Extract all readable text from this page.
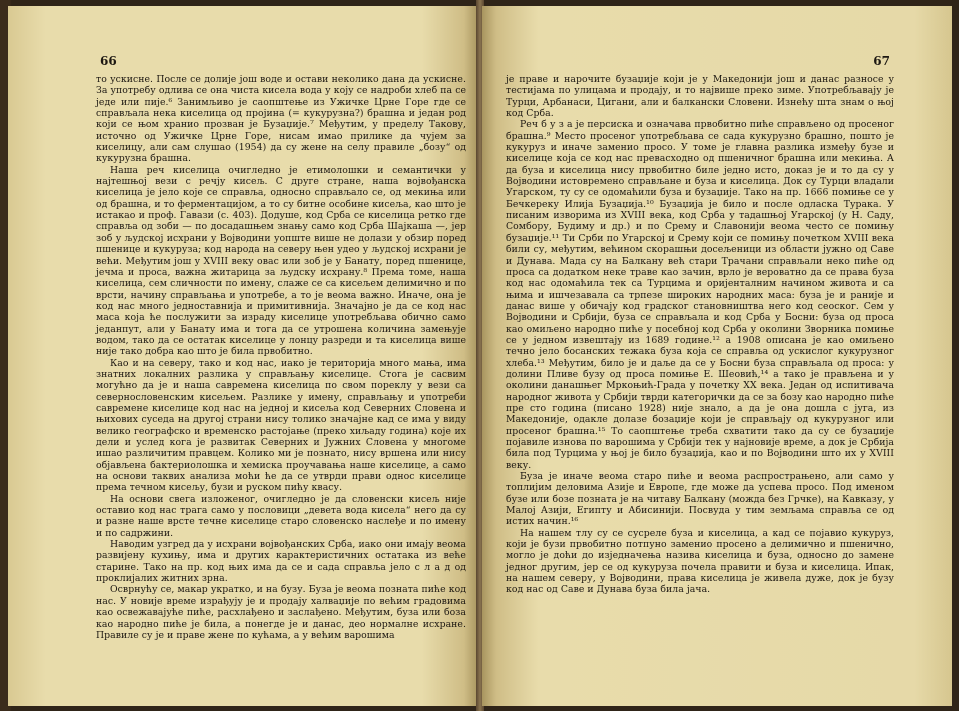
66

то ускисне. После се долије још воде и остави неколико дана да ускисне. За употребу одлива се она чиста кисела вода у коју се надроби хлеб па се једе или пије.⁶ Занимљиво је саопштење из Ужичке Црне Горе где се справљала нека киселица од пројина (= кукурузна?) брашна и један род који се њом хранио прозван је Бузаџије.⁷ Међутим, у пределу Такову, источно од Ужичке Црне Горе, нисам имао прилике да чујем за киселицу, али сам слушао (1954) да су жене на селу правиле „бозу“ од кукурузна брашна.

Наша реч киселица очигледно је етимолошки и семантички у најтешњој вези с речју кисељ. С друге стране, наша војвођанска киселица је јело које се справља, односно справљало се, од мекиња или од брашна, и то ферментацијом, а то су битне особине кисеља, као што је истакао и проф. Гавази (с. 403). Додуше, код Срба се киселица ретко где справља од зоби — по досадашњем знању само код Срба Шајкаша —, јер зоб у људској исхрани у Војводини уопште више не долази у обзир поред пшенице и кукуруза; код народа на северу њен удео у људској исхрани је већи. Међутим још у XVIII веку овас или зоб је у Банату, поред пшенице, јечма и проса, важна житарица за људску исхрану.⁸ Према томе, наша киселица, сем сличности по имену, слаже се са кисељем делимично и по врсти, начину справљања и употребе, а то је веома важно. Иначе, она је код нас много једноставнија и примитивнија. Значајно је да се код нас маса која ће послужити за израду киселице употребљава обично само једанпут, али у Банату има и тога да се утрошена количина замењује водом, тако да се остатак киселице у лонцу разреди и та киселица више није тако добра као што је била првобитно.

Као и на северу, тако и код нас, иако је територија много мања, има знатних локалних разлика у справљању киселице. Стога је сасвим могућно да је и наша савремена киселица по свом пореклу у вези са севернословенским кисељем. Разлике у имену, справљању и употреби савремене киселице код нас на једној и кисеља код Северних Словена и њихових суседа на другој страни нису толико значајне кад се има у виду велико географско и временско растојање (преко хиљаду година) које их дели и услед кога је развитак Северних и Јужних Словена у многоме ишао различитим правцем. Колико ми је познато, нису вршена или нису објављена бактериолошка и хемиска проучавања наше киселице, а само на основи таквих анализа моћи ће да се утврди прави однос киселице према течном кисељу, бузи и руском пићу квасу.

На основи свега изложеног, очигледно је да словенски кисељ није оставио код нас трага само у пословици „девета вода кисела“ него да су и разне наше врсте течне киселице старо словенско наслеђе и по имену и по садржини.

Наводим узгред да у исхрани војвођанских Срба, иако они имају веома развијену кухињу, има и других карактеристичних остатака из веће старине. Тако на пр. код њих има да се и сада справља јело с л а д од проклијалих житних зрна.

Осврнућу се, макар укратко, и на бузу. Буза је веома позната пиће код нас. У новије време израђују је и продају халваџије по већим градовима као освежавајуће пиће, расхлађено и заслађено. Међутим, буза или боза као народно пиће је била, а понегде је и данас, део нормалне исхране. Правиле су је и праве жене по кућама, а у већим варошима

67

је праве и нарочите бузаџије који је у Македонији још и данас разносе у тестијама по улицама и продају, и то највише преко зиме. Употребљавају је Турци, Арбанаси, Цигани, али и балкански Словени. Изнећу шта знам о њој код Срба.

Реч б у з а је персиска и означава првобитно пиће справљено од просеног брашна.⁹ Место просеног употребљава се сада кукурузно брашно, пошто је кукуруз и иначе заменио просо. У томе је главна разлика између бузе и киселице која се код нас превасходно од пшеничног брашна или мекиња. А да буза и киселица нису првобитно биле једно исто, доказ је и то да су у Војводини истовремено справљане и буза и киселица. Док су Турци владали Угарском, ту су се одомаћили буза и бузаџије. Тако на пр. 1666 помиње се у Бечкереку Илија Бузаџија.¹⁰ Бузаџија је било и после одласка Турака. У писаним изворима из XVIII века, код Срба у тадашњој Угарској (у Н. Саду, Сомбору, Будиму и др.) и по Срему и Славонији веома често се помињу бузаџије.¹¹ Ти Срби по Угарској и Срему који се помињу почетком XVIII века били су, међутим, већином скорашњи досељеници из области јужно од Саве и Дунава. Мада су на Балкану већ стари Трачани справљали неко пиће од проса са додатком неке траве као зачин, врло је вероватно да се права буза код нас одомаћила тек са Турцима и ориjенталним начином живота и са њима и ишчезавала са трпезе широких народних маса: буза је и раније и данас више у обичају код градског становништва него код сеоског. Сем у Војводини и Србији, буза се справљала и код Срба у Босни: буза од проса као омиљено народно пиће у посебној код Срба у околини Зворника помиње се у једном извештају из 1689 године.¹² а 1908 описана је као омиљено течно јело босанских тежака буза која се справља од ускислог кукурузног хлеба.¹³ Међутим, било је и даље да се у Босни буза справљала од проса: у долини Пливе бузу од проса помиње Е. Шеовић,¹⁴ а тако је прављена и у околини данашњег Мркоњић-Града у почетку XX века. Један од испитивача народног живота у Србији тврди категорички да се за бозу као народно пиће пре сто година (писано 1928) није знало, а да је она дошла с југа, из Македоније, одакле долазе бозаџије који је справљају од кукурузног или просеног брашна.¹⁵ То саопштење треба схватити тако да су се бузаџије појавиле изнова по варошима у Србији тек у најновије време, а док је Србија била под Турцима у њој је било бузаџија, као и по Војводини што их у XVIII веку.

Буза је иначе веома старо пиће и веома распрострањено, али само у топлијим деловима Азије и Европе, где може да успева просо. Под именом бузе или бозе позната је на читаву Балкану (можда без Грчке), на Кавказу, у Малој Азији, Египту и Абисинији. Посвуда у тим земљама справља се од истих начин.¹⁶

На нашем тлу су се сусреле буза и киселица, а кад се појавио кукуруз, који је бузи првобитно потпуно заменио просено а делимично и пшенично, могло је доћи до изједначења назива киселица и буза, односно до замене једног другим, јер се од кукуруза почела правити и буза и киселица. Ипак, на нашем северу, у Војводини, права киселица је живела дуже, док је бузу код нас од Саве и Дунава буза била јача.
